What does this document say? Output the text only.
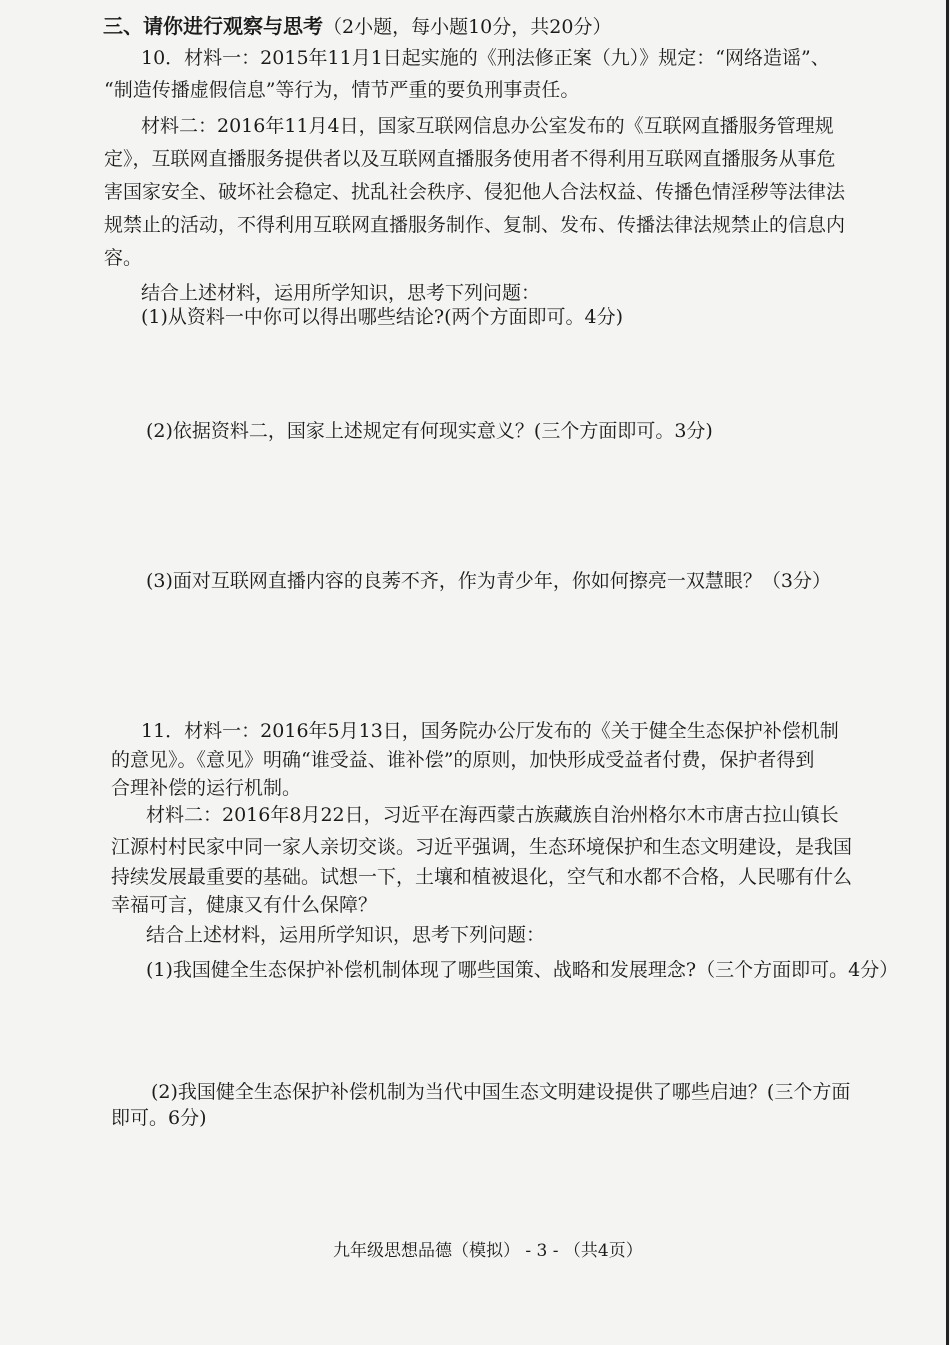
三、请你进行观察与思考（2小题，每小题10分，共20分）
10．材料一：2015年11月1日起实施的《刑法修正案（九）》规定：“网络造谣”、
“制造传播虚假信息”等行为，情节严重的要负刑事责任。
材料二：2016年11月4日，国家互联网信息办公室发布的《互联网直播服务管理规
定》，互联网直播服务提供者以及互联网直播服务使用者不得利用互联网直播服务从事危
害国家安全、破坏社会稳定、扰乱社会秩序、侵犯他人合法权益、传播色情淫秽等法律法
规禁止的活动，不得利用互联网直播服务制作、复制、发布、传播法律法规禁止的信息内
容。
结合上述材料，运用所学知识，思考下列问题：
(1)从资料一中你可以得出哪些结论?(两个方面即可。4分)
(2)依据资料二，国家上述规定有何现实意义？(三个方面即可。3分)
(3)面对互联网直播内容的良莠不齐，作为青少年，你如何擦亮一双慧眼？（3分）
11．材料一：2016年5月13日，国务院办公厅发布的《关于健全生态保护补偿机制
的意见》。《意见》明确“谁受益、谁补偿”的原则，加快形成受益者付费，保护者得到
合理补偿的运行机制。
材料二：2016年8月22日，习近平在海西蒙古族藏族自治州格尔木市唐古拉山镇长
江源村村民家中同一家人亲切交谈。习近平强调，生态环境保护和生态文明建设，是我国
持续发展最重要的基础。试想一下，土壤和植被退化，空气和水都不合格，人民哪有什么
幸福可言，健康又有什么保障？
结合上述材料，运用所学知识，思考下列问题：
(1)我国健全生态保护补偿机制体现了哪些国策、战略和发展理念?（三个方面即可。4分）
(2)我国健全生态保护补偿机制为当代中国生态文明建设提供了哪些启迪？(三个方面
即可。6分)
九年级思想品德（模拟） - 3 - （共4页）
